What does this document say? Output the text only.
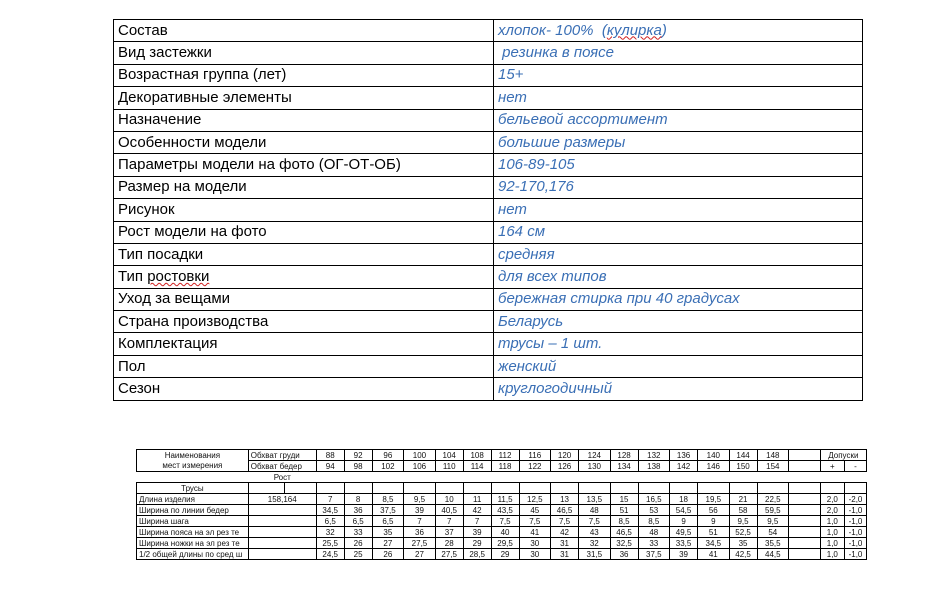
Состав	хлопок- 100%  (кулирка)
Вид застежки	резинка в поясе
Возрастная группа (лет)	15+
Декоративные элементы	нет
Назначение	бельевой ассортимент
Особенности модели	большие размеры
Параметры модели на фото (ОГ-ОТ-ОБ)	106-89-105
Размер на модели	92-170,176
Рисунок	нет
Рост модели на фото	164 см
Тип посадки	средняя
Тип ростовки	для всех типов
Уход за вещами	бережная стирка при 40 градусах
Страна производства	Беларусь
Комплектация	трусы – 1 шт.
Пол	женский
Сезон	круглогодичный
Наименования	Обхват груди		88	92	96	100	104	108	112	116	120	124	128	132	136	140	144	148		Допуски	
мест измерения	Обхват бедер		94	98	102	106	110	114	118	122	126	130	134	138	142	146	150	154		+	-
	Рост																				
Трусы																					
Длина изделия	158,164		7	8	8,5	9,5	10	11	11,5	12,5	13	13,5	15	16,5	18	19,5	21	22,5		2,0	-2,0
Ширина по линии бедер			34,5	36	37,5	39	40,5	42	43,5	45	46,5	48	51	53	54,5	56	58	59,5		2,0	-1,0
Ширина шага			6,5	6,5	6,5	7	7	7	7,5	7,5	7,5	7,5	8,5	8,5	9	9	9,5	9,5		1,0	-1,0
Ширина пояса на эл рез те			32	33	35	36	37	39	40	41	42	43	46,5	48	49,5	51	52,5	54		1,0	-1,0
Ширина ножки на эл рез те			25,5	26	27	27,5	28	29	29,5	30	31	32	32,5	33	33,5	34,5	35	35,5		1,0	-1,0
1/2 общей длины по сред ш			24,5	25	26	27	27,5	28,5	29	30	31	31,5	36	37,5	39	41	42,5	44,5		1,0	-1,0
